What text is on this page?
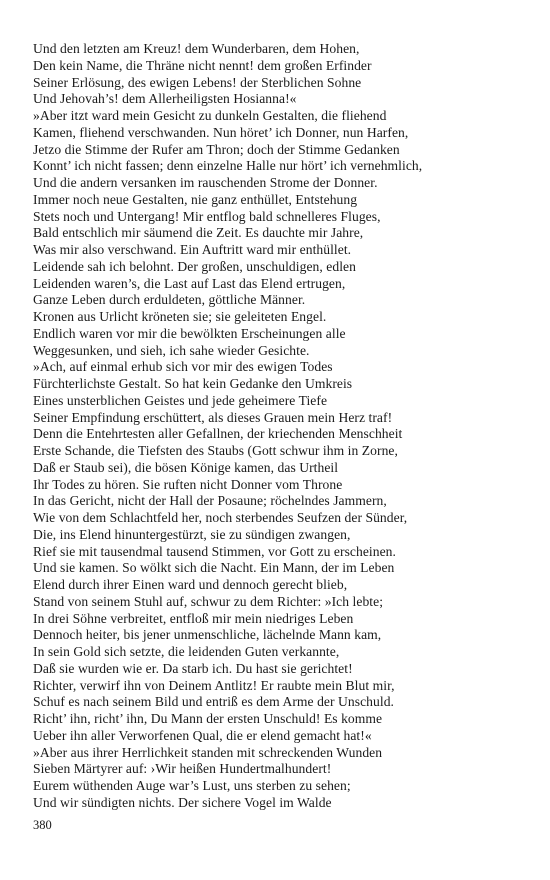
Und den letzten am Kreuz! dem Wunderbaren, dem Hohen,
Den kein Name, die Thräne nicht nennt! dem großen Erfinder
Seiner Erlösung, des ewigen Lebens! der Sterblichen Sohne
Und Jehovah’s! dem Allerheiligsten Hosianna!«
»Aber itzt ward mein Gesicht zu dunkeln Gestalten, die fliehend
Kamen, fliehend verschwanden. Nun höret’ ich Donner, nun Harfen,
Jetzo die Stimme der Rufer am Thron; doch der Stimme Gedanken
Konnt’ ich nicht fassen; denn einzelne Halle nur hört’ ich vernehmlich,
Und die andern versanken im rauschenden Strome der Donner.
Immer noch neue Gestalten, nie ganz enthüllet, Entstehung
Stets noch und Untergang! Mir entflog bald schnelleres Fluges,
Bald entschlich mir säumend die Zeit. Es dauchte mir Jahre,
Was mir also verschwand. Ein Auftritt ward mir enthüllet.
Leidende sah ich belohnt. Der großen, unschuldigen, edlen
Leidenden waren’s, die Last auf Last das Elend ertrugen,
Ganze Leben durch erduldeten, göttliche Männer.
Kronen aus Urlicht kröneten sie; sie geleiteten Engel.
Endlich waren vor mir die bewölkten Erscheinungen alle
Weggesunken, und sieh, ich sahe wieder Gesichte.
»Ach, auf einmal erhub sich vor mir des ewigen Todes
Fürchterlichste Gestalt. So hat kein Gedanke den Umkreis
Eines unsterblichen Geistes und jede geheimere Tiefe
Seiner Empfindung erschüttert, als dieses Grauen mein Herz traf!
Denn die Entehrtesten aller Gefallnen, der kriechenden Menschheit
Erste Schande, die Tiefsten des Staubs (Gott schwur ihm in Zorne,
Daß er Staub sei), die bösen Könige kamen, das Urtheil
Ihr Todes zu hören. Sie ruften nicht Donner vom Throne
In das Gericht, nicht der Hall der Posaune; röchelndes Jammern,
Wie von dem Schlachtfeld her, noch sterbendes Seufzen der Sünder,
Die, ins Elend hinuntergestürzt, sie zu sündigen zwangen,
Rief sie mit tausendmal tausend Stimmen, vor Gott zu erscheinen.
Und sie kamen. So wölkt sich die Nacht. Ein Mann, der im Leben
Elend durch ihrer Einen ward und dennoch gerecht blieb,
Stand von seinem Stuhl auf, schwur zu dem Richter: »Ich lebte;
In drei Söhne verbreitet, entfloß mir mein niedriges Leben
Dennoch heiter, bis jener unmenschliche, lächelnde Mann kam,
In sein Gold sich setzte, die leidenden Guten verkannte,
Daß sie wurden wie er. Da starb ich. Du hast sie gerichtet!
Richter, verwirf ihn von Deinem Antlitz! Er raubte mein Blut mir,
Schuf es nach seinem Bild und entriß es dem Arme der Unschuld.
Richt’ ihn, richt’ ihn, Du Mann der ersten Unschuld! Es komme
Ueber ihn aller Verworfenen Qual, die er elend gemacht hat!«
»Aber aus ihrer Herrlichkeit standen mit schreckenden Wunden
Sieben Märtyrer auf: ›Wir heißen Hundertmalhundert!
Eurem wüthenden Auge war’s Lust, uns sterben zu sehen;
Und wir sündigten nichts. Der sichere Vogel im Walde
380
